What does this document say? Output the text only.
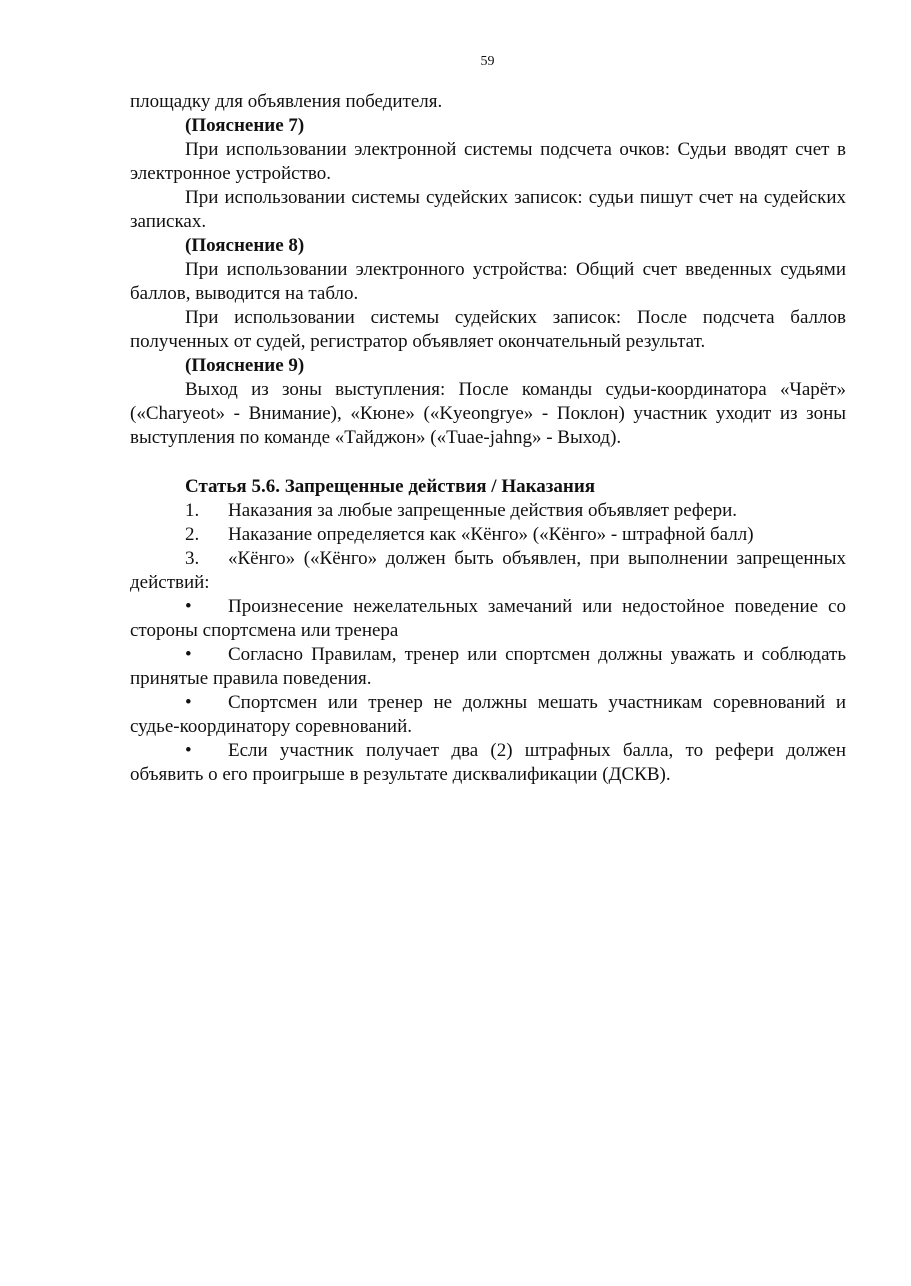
59

площадку для объявления победителя.

(Пояснение 7)

При использовании электронной системы подсчета очков: Судьи вводят счет в электронное устройство.

При использовании системы судейских записок: судьи пишут счет на судейских записках.

(Пояснение 8)

При использовании электронного устройства: Общий счет введенных судьями баллов, выводится на табло.

При использовании системы судейских записок: После подсчета баллов полученных от судей, регистратор объявляет окончательный результат.

(Пояснение 9)

Выход из зоны выступления: После команды судьи-координатора «Чарёт» («Charyeot» - Внимание), «Кюне» («Kyeongrye» - Поклон) участник уходит из зоны выступления по команде «Тайджон» («Tuae-jahng» - Выход).

Статья 5.6. Запрещенные действия / Наказания

1. Наказания за любые запрещенные действия объявляет рефери.

2. Наказание определяется как «Кёнго» («Кёнго» - штрафной балл)

3. «Кёнго» («Кёнго» должен быть объявлен, при выполнении запрещенных действий:

• Произнесение нежелательных замечаний или недостойное поведение со стороны спортсмена или тренера

• Согласно Правилам, тренер или спортсмен должны уважать и соблюдать принятые правила поведения.

• Спортсмен или тренер не должны мешать участникам соревнований и судье-координатору соревнований.

• Если участник получает два (2) штрафных балла, то рефери должен объявить о его проигрыше в результате дисквалификации (ДСКВ).
